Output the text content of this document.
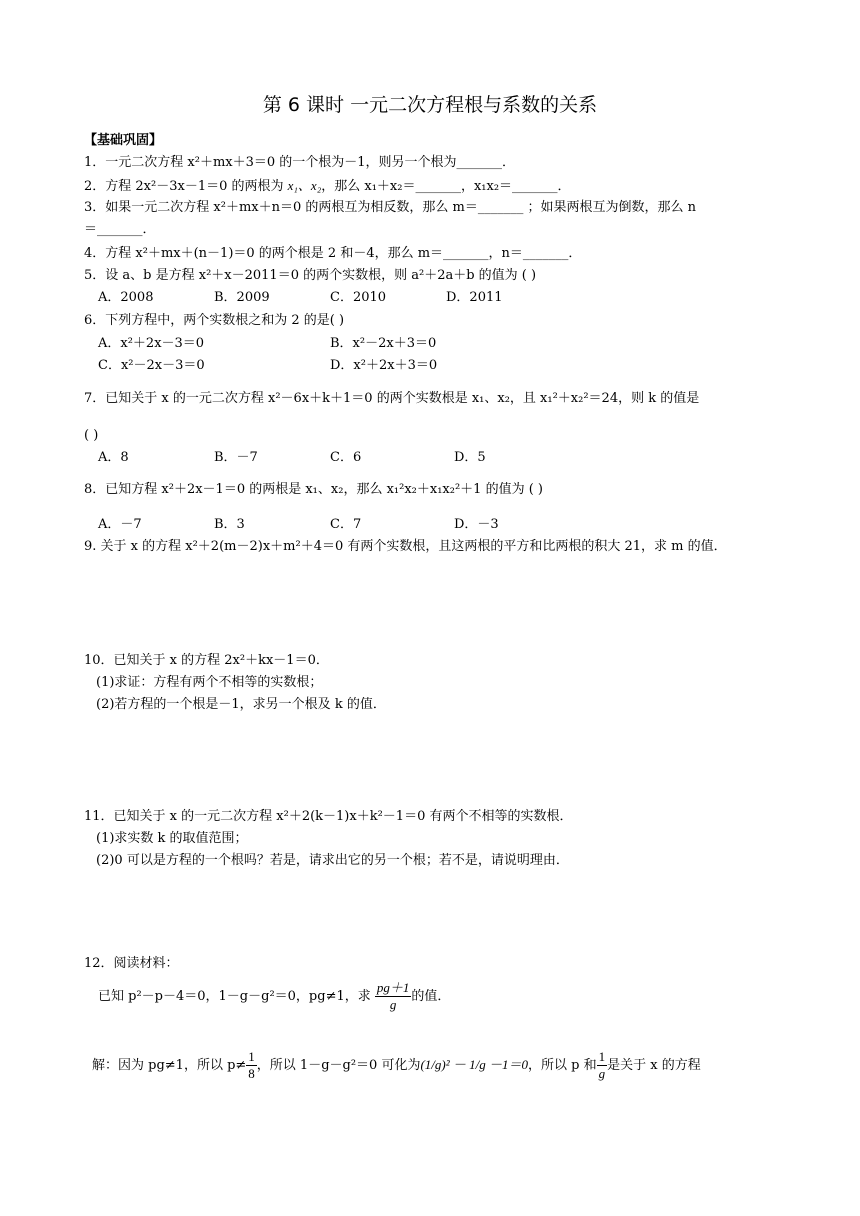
第 6 课时 一元二次方程根与系数的关系
【基础巩固】
1．一元二次方程 x²＋mx＋3＝0 的一个根为－1，则另一个根为_______．
2．方程 2x²－3x－1＝0 的两根为 x₁、x₂，那么 x₁＋x₂＝_______，x₁x₂＝_______．
3．如果一元二次方程 x²＋mx＋n＝0 的两根互为相反数，那么 m＝_______ ；如果两根互为倒数，那么 n
＝_______．
4．方程 x²＋mx＋(n－1)＝0 的两个根是 2 和－4，那么 m＝_______，n＝_______．
5．设 a、b 是方程 x²＋x－2011＝0 的两个实数根，则 a²＋2a＋b 的值为 ( )
A．2008	B．2009	C．2010	D．2011
6．下列方程中，两个实数根之和为 2 的是( )
A．x²＋2x－3＝0	B．x²－2x＋3＝0
C．x²－2x－3＝0	D．x²＋2x＋3＝0
7．已知关于 x 的一元二次方程 x²－6x＋k＋1＝0 的两个实数根是 x₁、x₂，且 x₁²＋x₂²＝24，则 k 的值是
( )
A．8	B．－7	C．6	D．5
8．已知方程 x²＋2x－1＝0 的两根是 x₁、x₂，那么 x₁²x₂＋x₁x₂²＋1 的值为 ( )
A．－7	B．3	C．7	D．－3
9. 关于 x 的方程 x²＋2(m－2)x＋m²＋4＝0 有两个实数根，且这两根的平方和比两根的积大 21，求 m 的值．
10．已知关于 x 的方程 2x²＋kx－1＝0．
(1)求证：方程有两个不相等的实数根；
(2)若方程的一个根是－1，求另一个根及 k 的值．
11．已知关于 x 的一元二次方程 x²＋2(k－1)x＋k²－1＝0 有两个不相等的实数根．
(1)求实数 k 的取值范围；
(2)0 可以是方程的一个根吗？若是，请求出它的另一个根；若不是，请说明理由．
12．阅读材料：
已知 p²－p－4＝0，1－g－g²＝0，pg≠1，求 $\frac{pg+1}{g}$ 的值．
解：因为 pg≠1，所以 $p\ne \frac{1}{8}$ ，所以 1－g－g²＝0 可化为(1/g)² － 1/g －1＝0，所以 p 和 $\frac{1}{g}$ 是关于 x 的方程
